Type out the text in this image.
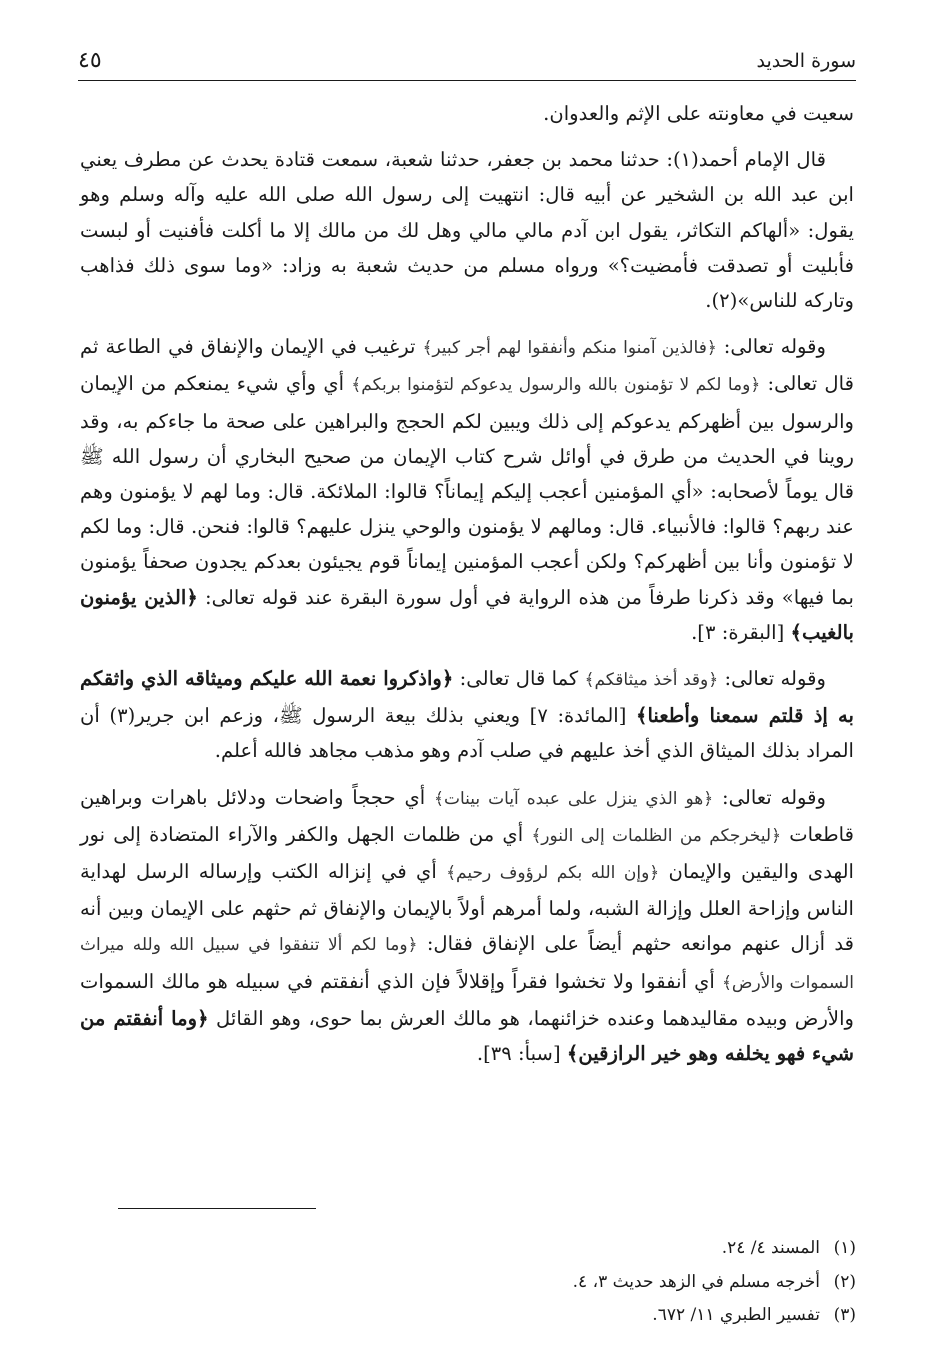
سورة الحديد
٤٥

سعيت في معاونته على الإثم والعدوان.

قال الإمام أحمد(١): حدثنا محمد بن جعفر، حدثنا شعبة، سمعت قتادة يحدث عن مطرف يعني ابن عبد الله بن الشخير عن أبيه قال: انتهيت إلى رسول الله صلى الله عليه وآله وسلم وهو يقول: «ألهاكم التكاثر، يقول ابن آدم مالي مالي وهل لك من مالك إلا ما أكلت فأفنيت أو لبست فأبليت أو تصدقت فأمضيت؟» ورواه مسلم من حديث شعبة به وزاد: «وما سوى ذلك فذاهب وتاركه للناس»(٢).

وقوله تعالى: ﴿فالذين آمنوا منكم وأنفقوا لهم أجر كبير﴾ ترغيب في الإيمان والإنفاق في الطاعة ثم قال تعالى: ﴿وما لكم لا تؤمنون بالله والرسول يدعوكم لتؤمنوا بربكم﴾ أي وأي شيء يمنعكم من الإيمان والرسول بين أظهركم يدعوكم إلى ذلك ويبين لكم الحجج والبراهين على صحة ما جاءكم به، وقد روينا في الحديث من طرق في أوائل شرح كتاب الإيمان من صحيح البخاري أن رسول الله ﷺ قال يوماً لأصحابه: «أي المؤمنين أعجب إليكم إيماناً؟ قالوا: الملائكة. قال: وما لهم لا يؤمنون وهم عند ربهم؟ قالوا: فالأنبياء. قال: ومالهم لا يؤمنون والوحي ينزل عليهم؟ قالوا: فنحن. قال: وما لكم لا تؤمنون وأنا بين أظهركم؟ ولكن أعجب المؤمنين إيماناً قوم يجيئون بعدكم يجدون صحفاً يؤمنون بما فيها» وقد ذكرنا طرفاً من هذه الرواية في أول سورة البقرة عند قوله تعالى: ﴿الذين يؤمنون بالغيب﴾ [البقرة: ٣].

وقوله تعالى: ﴿وقد أخذ ميثاقكم﴾ كما قال تعالى: ﴿واذكروا نعمة الله عليكم وميثاقه الذي واثقكم به إذ قلتم سمعنا وأطعنا﴾ [المائدة: ٧] ويعني بذلك بيعة الرسول ﷺ، وزعم ابن جرير(٣) أن المراد بذلك الميثاق الذي أخذ عليهم في صلب آدم وهو مذهب مجاهد فالله أعلم.

وقوله تعالى: ﴿هو الذي ينزل على عبده آيات بينات﴾ أي حججاً واضحات ودلائل باهرات وبراهين قاطعات ﴿ليخرجكم من الظلمات إلى النور﴾ أي من ظلمات الجهل والكفر والآراء المتضادة إلى نور الهدى واليقين والإيمان ﴿وإن الله بكم لرؤوف رحيم﴾ أي في إنزاله الكتب وإرساله الرسل لهداية الناس وإزاحة العلل وإزالة الشبه، ولما أمرهم أولاً بالإيمان والإنفاق ثم حثهم على الإيمان وبين أنه قد أزال عنهم موانعه حثهم أيضاً على الإنفاق فقال: ﴿وما لكم ألا تنفقوا في سبيل الله ولله ميراث السموات والأرض﴾ أي أنفقوا ولا تخشوا فقراً وإقلالاً فإن الذي أنفقتم في سبيله هو مالك السموات والأرض وبيده مقاليدهما وعنده خزائنهما، هو مالك العرش بما حوى، وهو القائل ﴿وما أنفقتم من شيء فهو يخلفه وهو خير الرازقين﴾ [سبأ: ٣٩].

(١)المسند ٤/ ٢٤.

(٢)أخرجه مسلم في الزهد حديث ٣، ٤.

(٣)تفسير الطبري ١١/ ٦٧٢.
